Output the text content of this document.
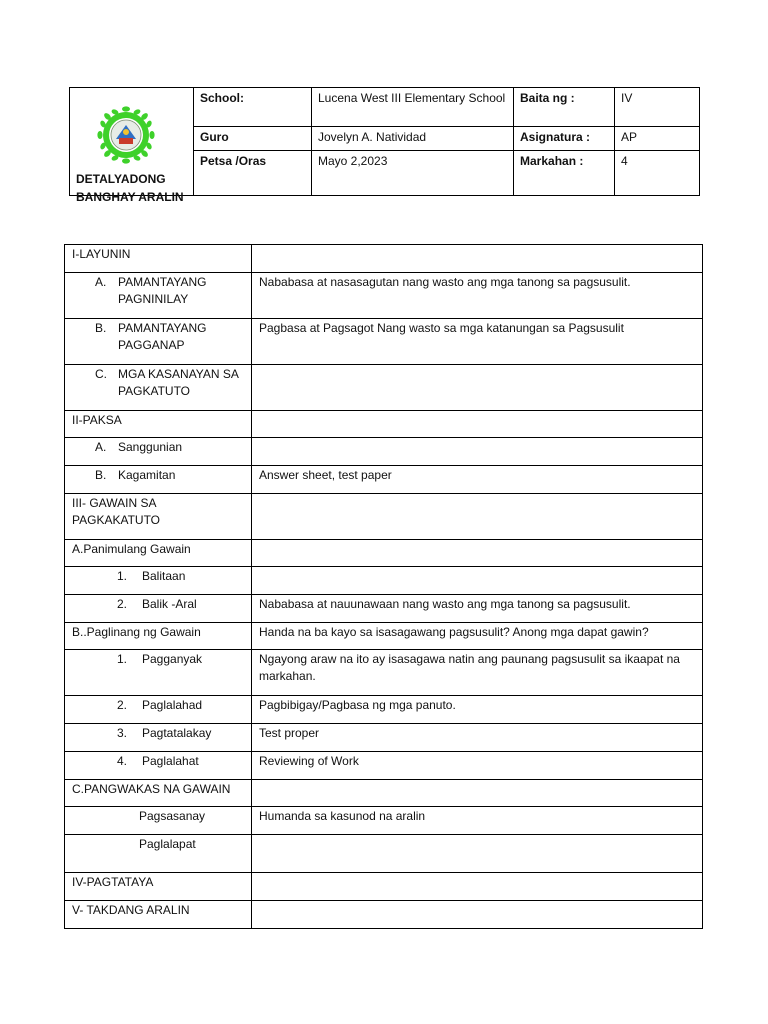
DETALYADONG
BANGHAY ARALIN	School:	Lucena West III Elementary School	Baita ng :	IV
	Guro	Jovelyn A. Natividad	Asignatura :	AP
	Petsa /Oras	Mayo 2,2023	Markahan :	4
I-LAYUNIN	

A. PAMANTAYANG PAGNINILAY	Nababasa at nasasagutan nang wasto ang mga tanong sa pagsusulit.

B. PAMANTAYANG PAGGANAP	Pagbasa at Pagsagot Nang wasto sa mga katanungan sa Pagsusulit

C. MGA KASANAYAN SA PAGKATUTO	

II-PAKSA	

A. Sanggunian	

B. Kagamitan	Answer sheet, test paper
III- GAWAIN SA PAGKAKATUTO	
A.Panimulang Gawain	

1. Balitaan	

2. Balik -Aral	Nababasa at nauunawaan nang wasto ang mga tanong sa pagsusulit.
B..Paglinang ng Gawain	Handa na ba kayo sa isasagawang pagsusulit? Anong mga dapat gawin?

1. Pagganyak	Ngayong araw na ito ay isasagawa natin ang paunang pagsusulit sa ikaapat na markahan.

2. Paglalahad	Pagbibigay/Pagbasa ng mga panuto.

3. Pagtatalakay	Test proper

4. Paglalahat	Reviewing of Work
C.PANGWAKAS NA GAWAIN	

Pagsasanay	Humanda sa kasunod na aralin

Paglalapat	

IV-PAGTATAYA	
V- TAKDANG ARALIN	
